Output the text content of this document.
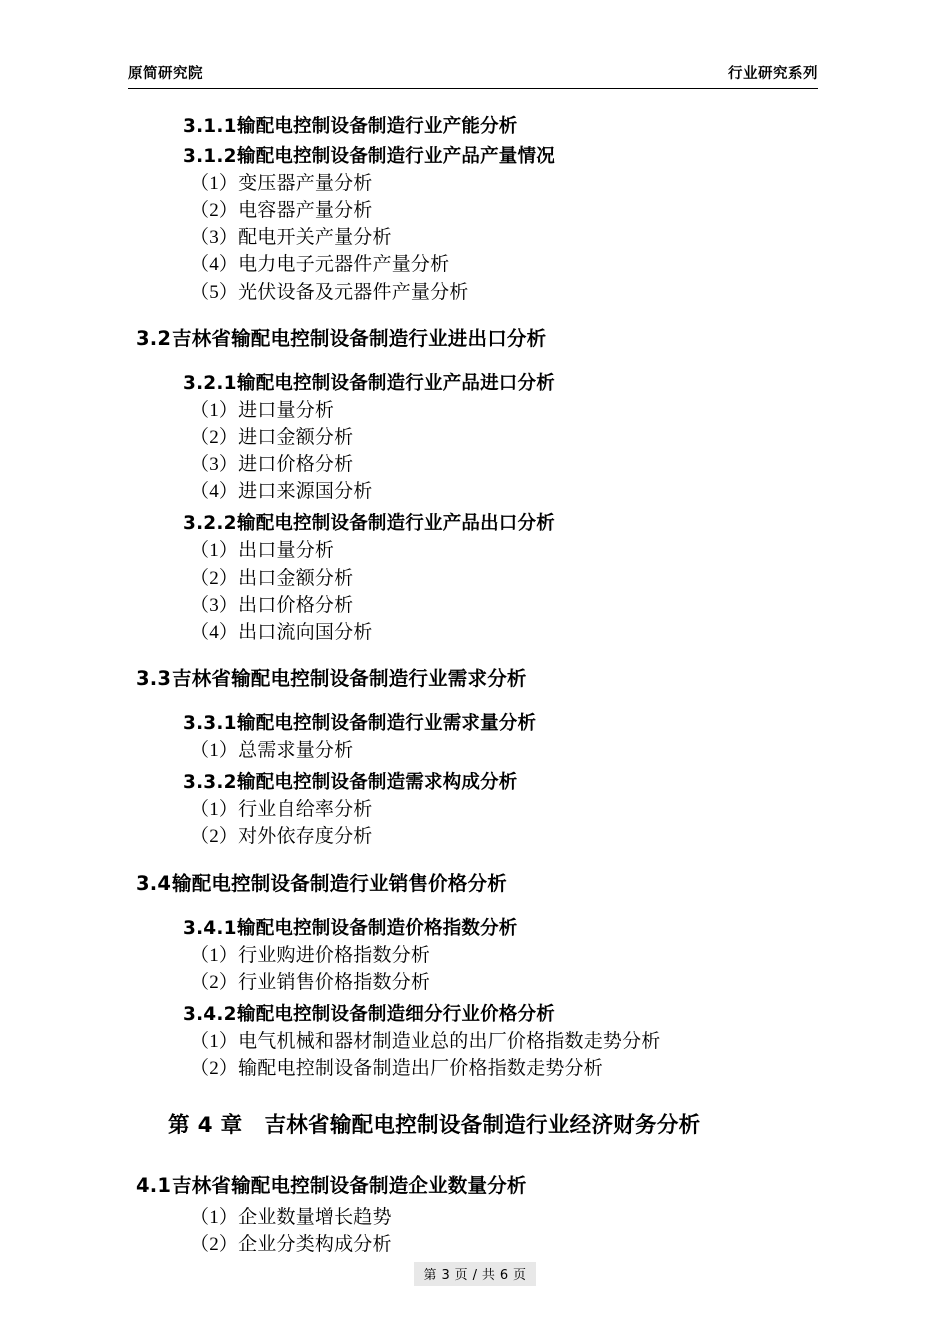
原简研究院	行业研究系列
3.1.1输配电控制设备制造行业产能分析
3.1.2输配电控制设备制造行业产品产量情况
（1）变压器产量分析
（2）电容器产量分析
（3）配电开关产量分析
（4）电力电子元器件产量分析
（5）光伏设备及元器件产量分析
3.2吉林省输配电控制设备制造行业进出口分析
3.2.1输配电控制设备制造行业产品进口分析
（1）进口量分析
（2）进口金额分析
（3）进口价格分析
（4）进口来源国分析
3.2.2输配电控制设备制造行业产品出口分析
（1）出口量分析
（2）出口金额分析
（3）出口价格分析
（4）出口流向国分析
3.3吉林省输配电控制设备制造行业需求分析
3.3.1输配电控制设备制造行业需求量分析
（1）总需求量分析
3.3.2输配电控制设备制造需求构成分析
（1）行业自给率分析
（2）对外依存度分析
3.4输配电控制设备制造行业销售价格分析
3.4.1输配电控制设备制造价格指数分析
（1）行业购进价格指数分析
（2）行业销售价格指数分析
3.4.2输配电控制设备制造细分行业价格分析
（1）电气机械和器材制造业总的出厂价格指数走势分析
（2）输配电控制设备制造出厂价格指数走势分析
第 4 章 吉林省输配电控制设备制造行业经济财务分析
4.1吉林省输配电控制设备制造企业数量分析
（1）企业数量增长趋势
（2）企业分类构成分析
第 3 页 / 共 6 页
